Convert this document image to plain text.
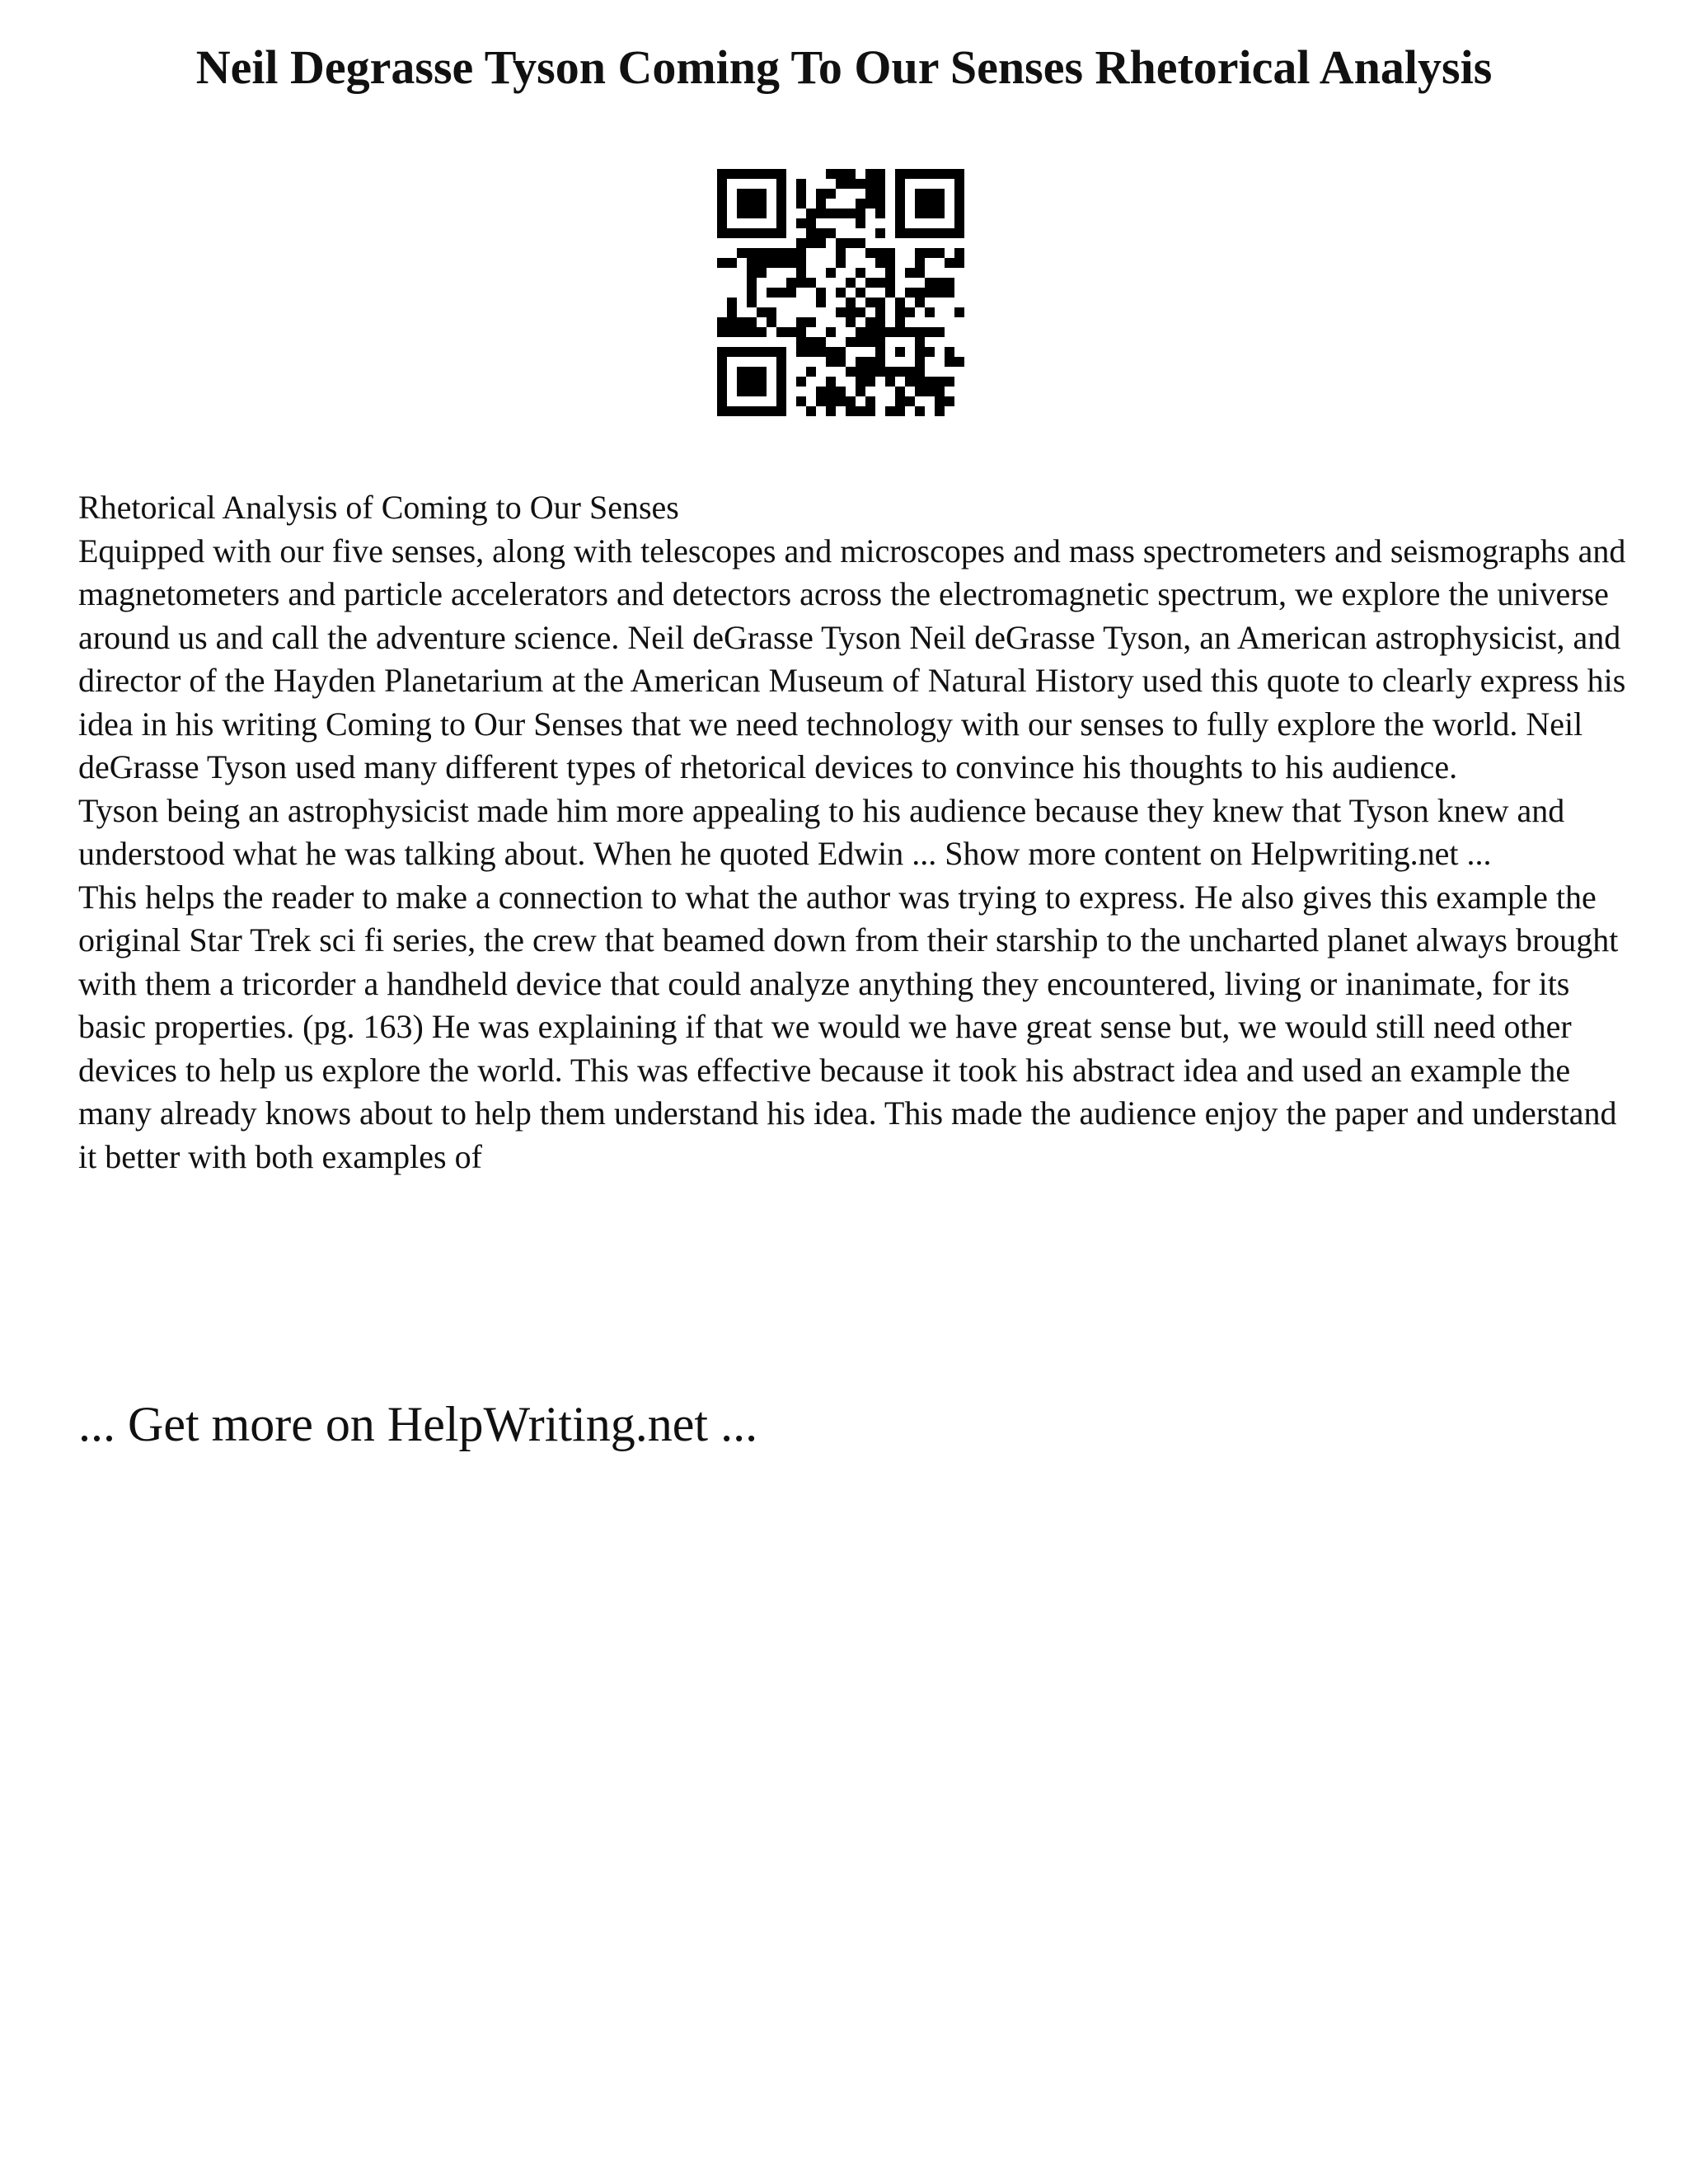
Neil Degrasse Tyson Coming To Our Senses Rhetorical Analysis

Rhetorical Analysis of Coming to Our Senses

Equipped with our five senses, along with telescopes and microscopes and mass spectrometers and seismographs and magnetometers and particle accelerators and detectors across the electromagnetic spectrum, we explore the universe around us and call the adventure science. Neil deGrasse Tyson Neil deGrasse Tyson, an American astrophysicist, and director of the Hayden Planetarium at the American Museum of Natural History used this quote to clearly express his idea in his writing Coming to Our Senses that we need technology with our senses to fully explore the world. Neil deGrasse Tyson used many different types of rhetorical devices to convince his thoughts to his audience.

Tyson being an astrophysicist made him more appealing to his audience because they knew that Tyson knew and understood what he was talking about. When he quoted Edwin ... Show more content on Helpwriting.net ...

This helps the reader to make a connection to what the author was trying to express. He also gives this example the original Star Trek sci fi series, the crew that beamed down from their starship to the uncharted planet always brought with them a tricorder a handheld device that could analyze anything they encountered, living or inanimate, for its basic properties. (pg. 163) He was explaining if that we would we have great sense but, we would still need other devices to help us explore the world. This was effective because it took his abstract idea and used an example the many already knows about to help them understand his idea. This made the audience enjoy the paper and understand it better with both examples of

... Get more on HelpWriting.net ...
